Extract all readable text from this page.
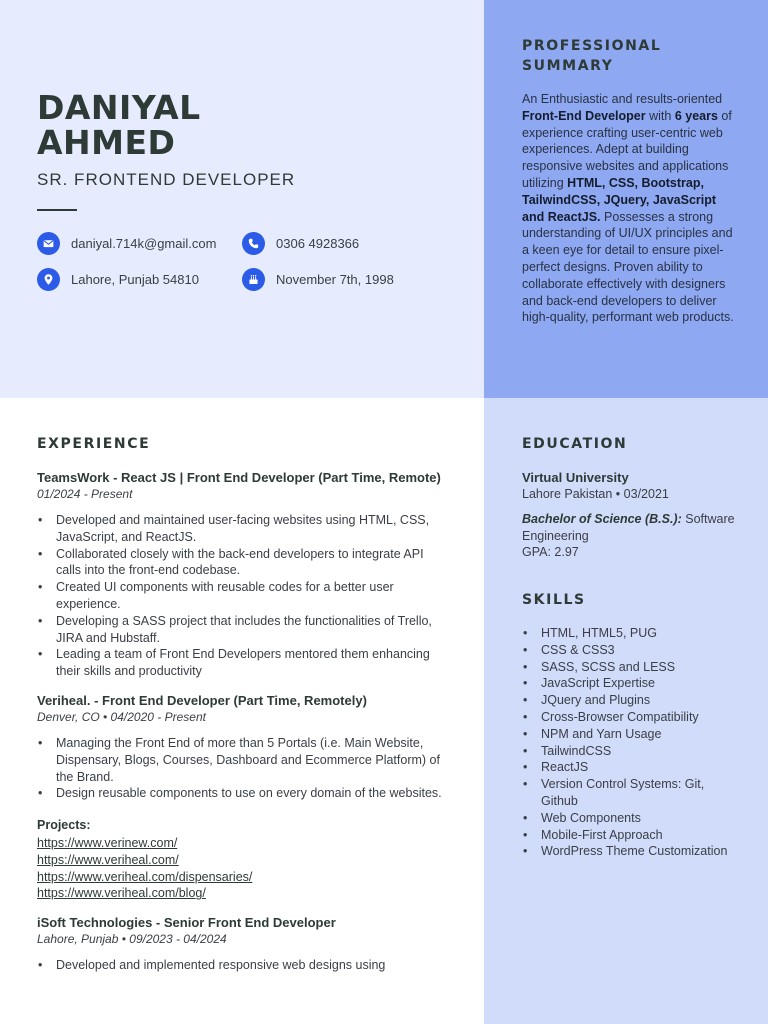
DANIYAL
AHMED
SR. FRONTEND DEVELOPER
daniyal.714k@gmail.com	0306 4928366
Lahore, Punjab 54810	November 7th, 1998
PROFESSIONAL
SUMMARY
An Enthusiastic and results-oriented Front-End Developer with 6 years of experience crafting user-centric web experiences. Adept at building responsive websites and applications utilizing HTML, CSS, Bootstrap, TailwindCSS, JQuery, JavaScript and ReactJS. Possesses a strong understanding of UI/UX principles and a keen eye for detail to ensure pixel-perfect designs. Proven ability to collaborate effectively with designers and back-end developers to deliver high-quality, performant web products.
EXPERIENCE
TeamsWork - React JS | Front End Developer (Part Time, Remote)
01/2024 - Present
• Developed and maintained user-facing websites using HTML, CSS, JavaScript, and ReactJS.
• Collaborated closely with the back-end developers to integrate API calls into the front-end codebase.
• Created UI components with reusable codes for a better user experience.
• Developing a SASS project that includes the functionalities of Trello, JIRA and Hubstaff.
• Leading a team of Front End Developers mentored them enhancing their skills and productivity
Veriheal. - Front End Developer (Part Time, Remotely)
Denver, CO • 04/2020 - Present
• Managing the Front End of more than 5 Portals (i.e. Main Website, Dispensary, Blogs, Courses, Dashboard and Ecommerce Platform) of the Brand.
• Design reusable components to use on every domain of the websites.
Projects:
https://www.verinew.com/
https://www.veriheal.com/
https://www.veriheal.com/dispensaries/
https://www.veriheal.com/blog/
iSoft Technologies - Senior Front End Developer
Lahore, Punjab • 09/2023 - 04/2024
• Developed and implemented responsive web designs using
EDUCATION
Virtual University
Lahore Pakistan • 03/2021
Bachelor of Science (B.S.): Software Engineering
GPA: 2.97
SKILLS
• HTML, HTML5, PUG
• CSS & CSS3
• SASS, SCSS and LESS
• JavaScript Expertise
• JQuery and Plugins
• Cross-Browser Compatibility
• NPM and Yarn Usage
• TailwindCSS
• ReactJS
• Version Control Systems: Git, Github
• Web Components
• Mobile-First Approach
• WordPress Theme Customization
